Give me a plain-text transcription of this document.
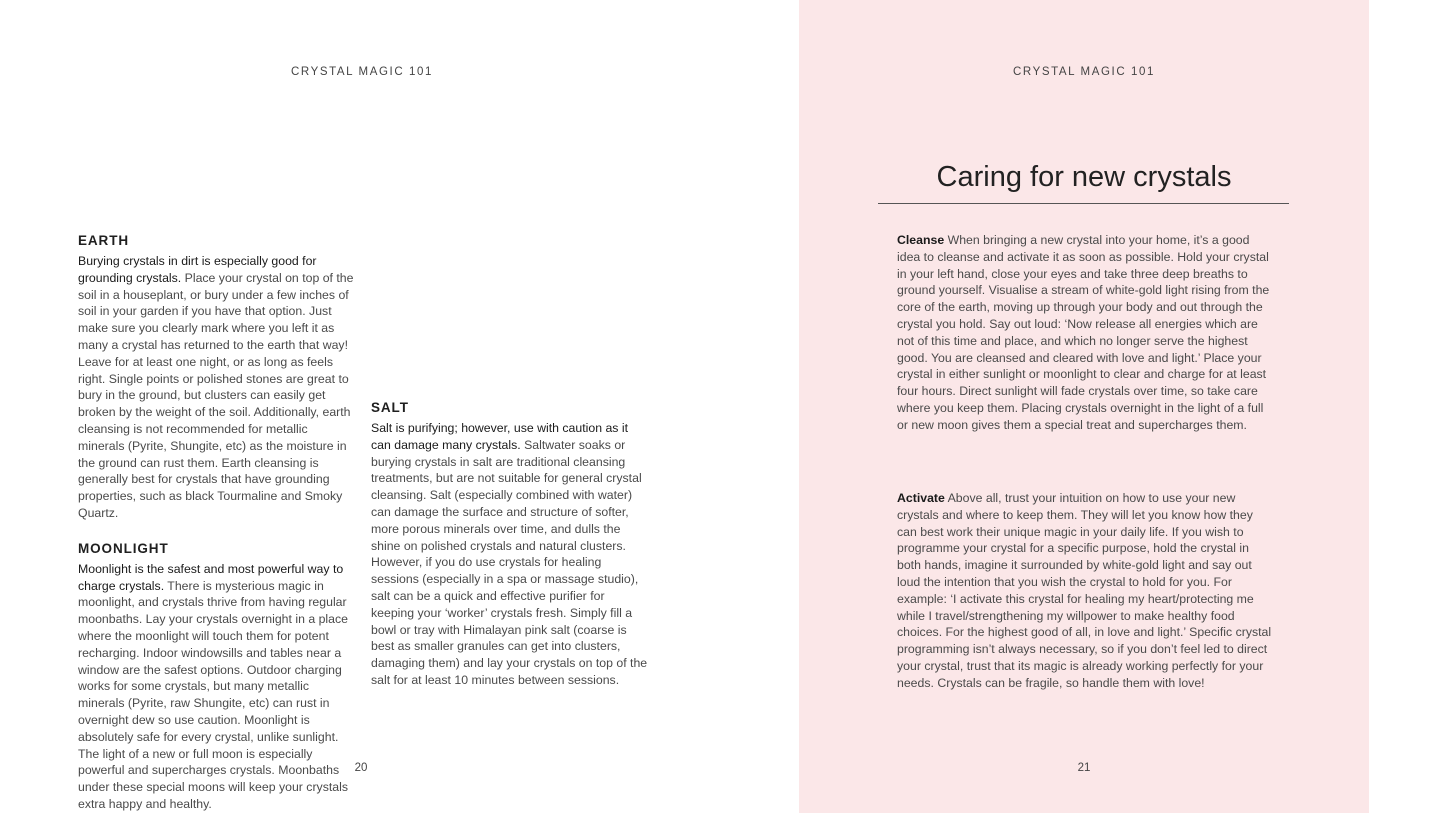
CRYSTAL MAGIC 101
EARTH

Burying crystals in dirt is especially good for grounding crystals. Place your crystal on top of the soil in a houseplant, or bury under a few inches of soil in your garden if you have that option. Just make sure you clearly mark where you left it as many a crystal has returned to the earth that way! Leave for at least one night, or as long as feels right. Single points or polished stones are great to bury in the ground, but clusters can easily get broken by the weight of the soil. Additionally, earth cleansing is not recommended for metallic minerals (Pyrite, Shungite, etc) as the moisture in the ground can rust them. Earth cleansing is generally best for crystals that have grounding properties, such as black Tourmaline and Smoky Quartz.

MOONLIGHT

Moonlight is the safest and most powerful way to charge crystals. There is mysterious magic in moonlight, and crystals thrive from having regular moonbaths. Lay your crystals overnight in a place where the moonlight will touch them for potent recharging. Indoor windowsills and tables near a window are the safest options. Outdoor charging works for some crystals, but many metallic minerals (Pyrite, raw Shungite, etc) can rust in overnight dew so use caution. Moonlight is absolutely safe for every crystal, unlike sunlight. The light of a new or full moon is especially powerful and supercharges crystals. Moonbaths under these special moons will keep your crystals extra happy and healthy.

SALT

Salt is purifying; however, use with caution as it can damage many crystals. Saltwater soaks or burying crystals in salt are traditional cleansing treatments, but are not suitable for general crystal cleansing. Salt (especially combined with water) can damage the surface and structure of softer, more porous minerals over time, and dulls the shine on polished crystals and natural clusters. However, if you do use crystals for healing sessions (especially in a spa or massage studio), salt can be a quick and effective purifier for keeping your ‘worker’ crystals fresh. Simply fill a bowl or tray with Himalayan pink salt (coarse is best as smaller granules can get into clusters, damaging them) and lay your crystals on top of the salt for at least 10 minutes between sessions.

20
CRYSTAL MAGIC 101
Caring for new crystals

Cleanse When bringing a new crystal into your home, it’s a good idea to cleanse and activate it as soon as possible. Hold your crystal in your left hand, close your eyes and take three deep breaths to ground yourself. Visualise a stream of white-gold light rising from the core of the earth, moving up through your body and out through the crystal you hold. Say out loud: ‘Now release all energies which are not of this time and place, and which no longer serve the highest good. You are cleansed and cleared with love and light.’ Place your crystal in either sunlight or moonlight to clear and charge for at least four hours. Direct sunlight will fade crystals over time, so take care where you keep them. Placing crystals overnight in the light of a full or new moon gives them a special treat and supercharges them.

Activate Above all, trust your intuition on how to use your new crystals and where to keep them. They will let you know how they can best work their unique magic in your daily life. If you wish to programme your crystal for a specific purpose, hold the crystal in both hands, imagine it surrounded by white-gold light and say out loud the intention that you wish the crystal to hold for you. For example: ‘I activate this crystal for healing my heart/protecting me while I travel/strengthening my willpower to make healthy food choices. For the highest good of all, in love and light.’ Specific crystal programming isn’t always necessary, so if you don’t feel led to direct your crystal, trust that its magic is already working perfectly for your needs. Crystals can be fragile, so handle them with love!

21
